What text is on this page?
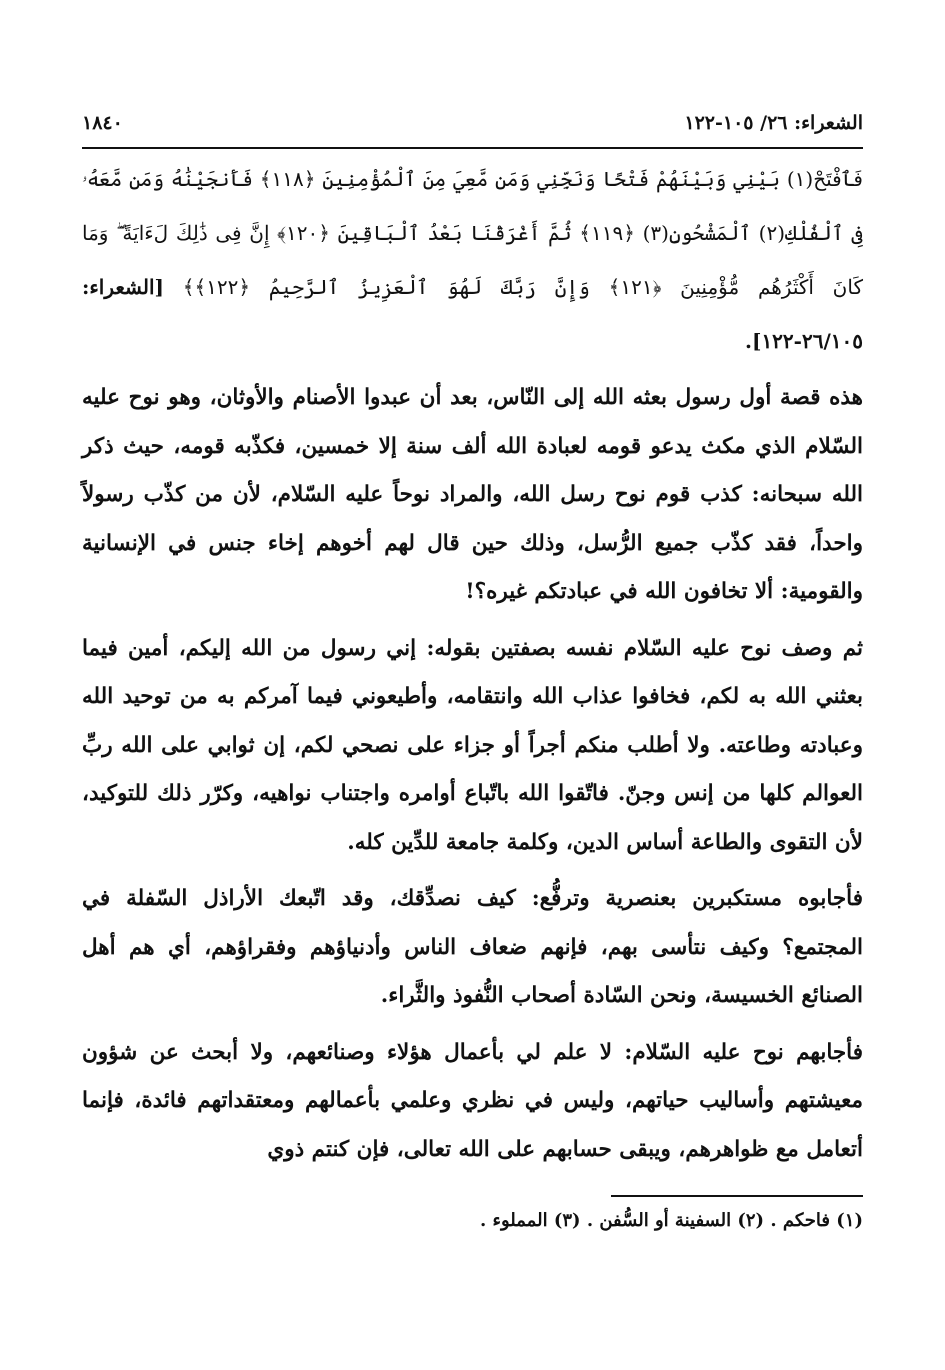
الشعراء: ٢٦/ ١٠٥-١٢٢
١٨٤٠

فَٱفْتَحْ(١) بَيْنِي وَبَيْنَهُمْ فَتْحًا وَنَجِّنِي وَمَن مَّعِيَ مِنَ ٱلْمُؤْمِنِينَ ﴿١١٨﴾ فَأَنجَيْنَٰهُ وَمَن مَّعَهُۥ فِى ٱلْفُلْكِ(٢) ٱلْمَشْحُونِ(٣) ﴿١١٩﴾ ثُمَّ أَغْرَقْنَا بَعْدُ ٱلْبَاقِينَ ﴿١٢٠﴾ إِنَّ فِى ذَٰلِكَ لَءَايَةً ۖ وَمَا كَانَ أَكْثَرُهُم مُّؤْمِنِينَ ﴿١٢١﴾ وَإِنَّ رَبَّكَ لَهُوَ ٱلْعَزِيزُ ٱلرَّحِيمُ ﴿١٢٢﴾﴾ [الشعراء: ٢٦/١٠٥-١٢٢].

هذه قصة أول رسول بعثه الله إلى النّاس، بعد أن عبدوا الأصنام والأوثان، وهو نوح عليه السّلام الذي مكث يدعو قومه لعبادة الله ألف سنة إلا خمسين، فكذّبه قومه، حيث ذكر الله سبحانه: كذب قوم نوح رسل الله، والمراد نوحاً عليه السّلام، لأن من كذّب رسولاً واحداً، فقد كذّب جميع الرُّسل، وذلك حين قال لهم أخوهم إخاء جنس في الإنسانية والقومية: ألا تخافون الله في عبادتكم غيره؟!

ثم وصف نوح عليه السّلام نفسه بصفتين بقوله: إني رسول من الله إليكم، أمين فيما بعثني الله به لكم، فخافوا عذاب الله وانتقامه، وأطيعوني فيما آمركم به من توحيد الله وعبادته وطاعته. ولا أطلب منكم أجراً أو جزاء على نصحي لكم، إن ثوابي على الله ربِّ العوالم كلها من إنس وجنّ. فاتّقوا الله باتّباع أوامره واجتناب نواهيه، وكرّر ذلك للتوكيد، لأن التقوى والطاعة أساس الدين، وكلمة جامعة للدِّين كله.

فأجابوه مستكبرين بعنصرية وترفُّع: كيف نصدِّقك، وقد اتّبعك الأراذل السّفلة في المجتمع؟ وكيف نتأسى بهم، فإنهم ضعاف الناس وأدنياؤهم وفقراؤهم، أي هم أهل الصنائع الخسيسة، ونحن السّادة أصحاب النُّفوذ والثَّراء.

فأجابهم نوح عليه السّلام: لا علم لي بأعمال هؤلاء وصنائعهم، ولا أبحث عن شؤون معيشتهم وأساليب حياتهم، وليس في نظري وعلمي بأعمالهم ومعتقداتهم فائدة، فإنما أتعامل مع ظواهرهم، ويبقى حسابهم على الله تعالى، فإن كنتم ذوي

(١) فاحكم . (٢) السفينة أو السُّفن . (٣) المملوء .
